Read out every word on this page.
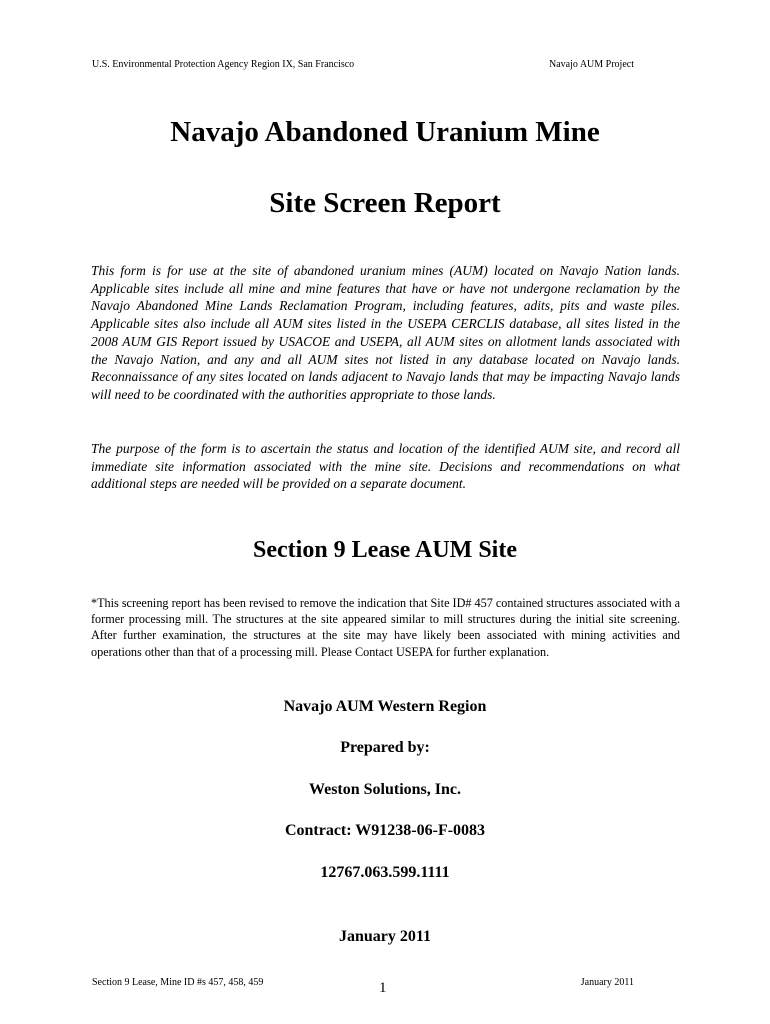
U.S. Environmental Protection Agency Region IX, San Francisco	Navajo AUM Project
Navajo Abandoned Uranium Mine
Site Screen Report

This form is for use at the site of abandoned uranium mines (AUM) located on Navajo Nation lands. Applicable sites include all mine and mine features that have or have not undergone reclamation by the Navajo Abandoned Mine Lands Reclamation Program, including features, adits, pits and waste piles. Applicable sites also include all AUM sites listed in the USEPA CERCLIS database, all sites listed in the 2008 AUM GIS Report issued by USACOE and USEPA, all AUM sites on allotment lands associated with the Navajo Nation, and any and all AUM sites not listed in any database located on Navajo lands. Reconnaissance of any sites located on lands adjacent to Navajo lands that may be impacting Navajo lands will need to be coordinated with the authorities appropriate to those lands.

The purpose of the form is to ascertain the status and location of the identified AUM site, and record all immediate site information associated with the mine site. Decisions and recommendations on what additional steps are needed will be provided on a separate document.

Section 9 Lease AUM Site

*This screening report has been revised to remove the indication that Site ID# 457 contained structures associated with a former processing mill. The structures at the site appeared similar to mill structures during the initial site screening. After further examination, the structures at the site may have likely been associated with mining activities and operations other than that of a processing mill. Please Contact USEPA for further explanation.

Navajo AUM Western Region
Prepared by:
Weston Solutions, Inc.
Contract: W91238-06-F-0083
12767.063.599.1111
January 2011
Section 9 Lease, Mine ID #s 457, 458, 459	1	January 2011
